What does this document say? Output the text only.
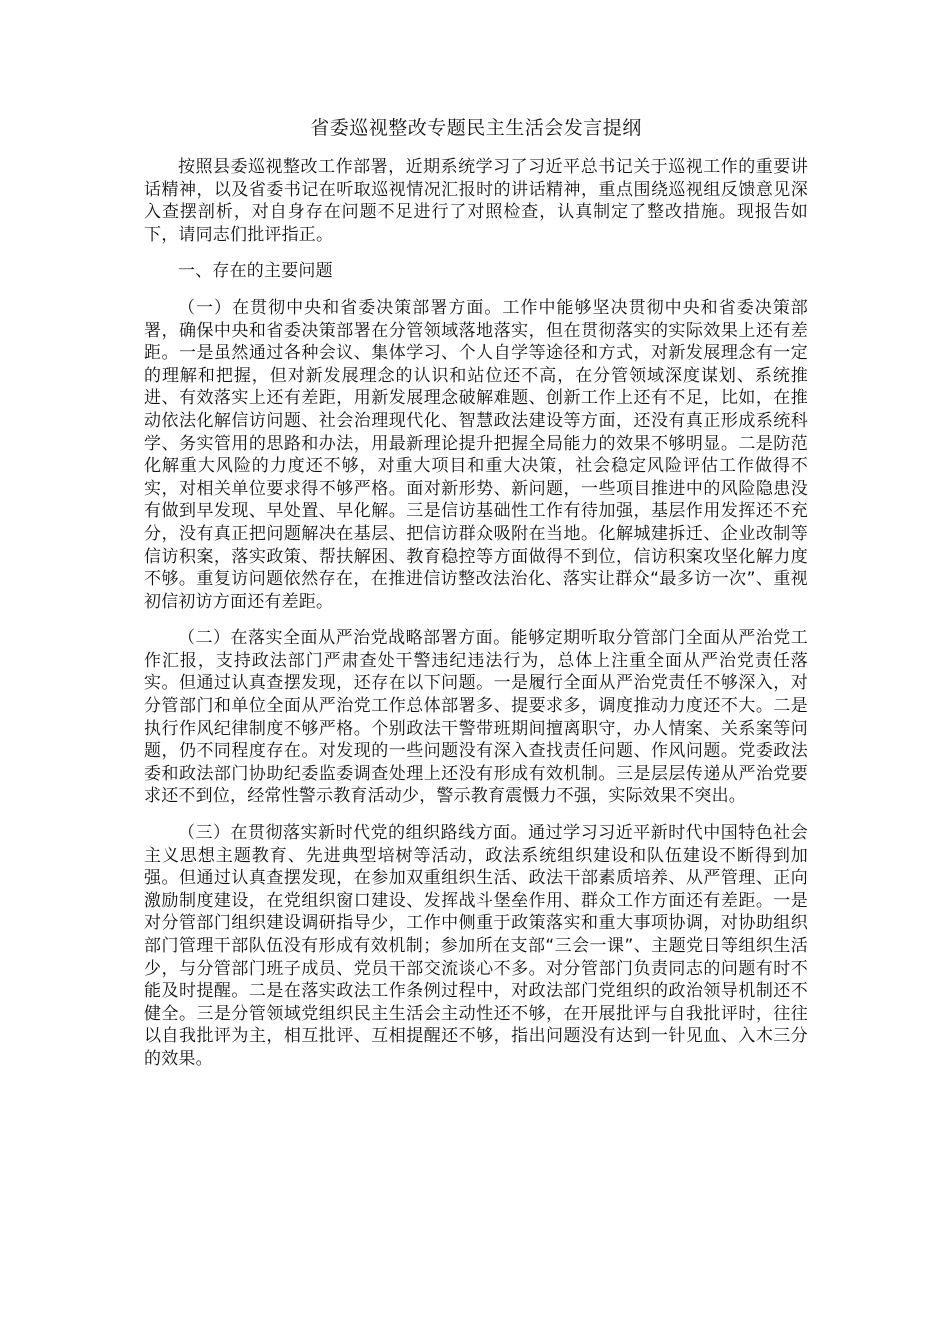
省委巡视整改专题民主生活会发言提纲

按照县委巡视整改工作部署，近期系统学习了习近平总书记关于巡视工作的重要讲话精神，以及省委书记在听取巡视情况汇报时的讲话精神，重点围绕巡视组反馈意见深入查摆剖析，对自身存在问题不足进行了对照检查，认真制定了整改措施。现报告如下，请同志们批评指正。

一、存在的主要问题

（一）在贯彻中央和省委决策部署方面。工作中能够坚决贯彻中央和省委决策部署，确保中央和省委决策部署在分管领域落地落实，但在贯彻落实的实际效果上还有差距。一是虽然通过各种会议、集体学习、个人自学等途径和方式，对新发展理念有一定的理解和把握，但对新发展理念的认识和站位还不高，在分管领域深度谋划、系统推进、有效落实上还有差距，用新发展理念破解难题、创新工作上还有不足，比如，在推动依法化解信访问题、社会治理现代化、智慧政法建设等方面，还没有真正形成系统科学、务实管用的思路和办法，用最新理论提升把握全局能力的效果不够明显。二是防范化解重大风险的力度还不够，对重大项目和重大决策，社会稳定风险评估工作做得不实，对相关单位要求得不够严格。面对新形势、新问题，一些项目推进中的风险隐患没有做到早发现、早处置、早化解。三是信访基础性工作有待加强，基层作用发挥还不充分，没有真正把问题解决在基层、把信访群众吸附在当地。化解城建拆迁、企业改制等信访积案，落实政策、帮扶解困、教育稳控等方面做得不到位，信访积案攻坚化解力度不够。重复访问题依然存在，在推进信访整改法治化、落实让群众“最多访一次”、重视初信初访方面还有差距。

（二）在落实全面从严治党战略部署方面。能够定期听取分管部门全面从严治党工作汇报，支持政法部门严肃查处干警违纪违法行为，总体上注重全面从严治党责任落实。但通过认真查摆发现，还存在以下问题。一是履行全面从严治党责任不够深入，对分管部门和单位全面从严治党工作总体部署多、提要求多，调度推动力度还不大。二是执行作风纪律制度不够严格。个别政法干警带班期间擅离职守，办人情案、关系案等问题，仍不同程度存在。对发现的一些问题没有深入查找责任问题、作风问题。党委政法委和政法部门协助纪委监委调查处理上还没有形成有效机制。三是层层传递从严治党要求还不到位，经常性警示教育活动少，警示教育震慑力不强，实际效果不突出。

（三）在贯彻落实新时代党的组织路线方面。通过学习习近平新时代中国特色社会主义思想主题教育、先进典型培树等活动，政法系统组织建设和队伍建设不断得到加强。但通过认真查摆发现，在参加双重组织生活、政法干部素质培养、从严管理、正向激励制度建设，在党组织窗口建设、发挥战斗堡垒作用、群众工作方面还有差距。一是对分管部门组织建设调研指导少，工作中侧重于政策落实和重大事项协调，对协助组织部门管理干部队伍没有形成有效机制；参加所在支部“三会一课”、主题党日等组织生活少，与分管部门班子成员、党员干部交流谈心不多。对分管部门负责同志的问题有时不能及时提醒。二是在落实政法工作条例过程中，对政法部门党组织的政治领导机制还不健全。三是分管领域党组织民主生活会主动性还不够，在开展批评与自我批评时，往往以自我批评为主，相互批评、互相提醒还不够，指出问题没有达到一针见血、入木三分的效果。
